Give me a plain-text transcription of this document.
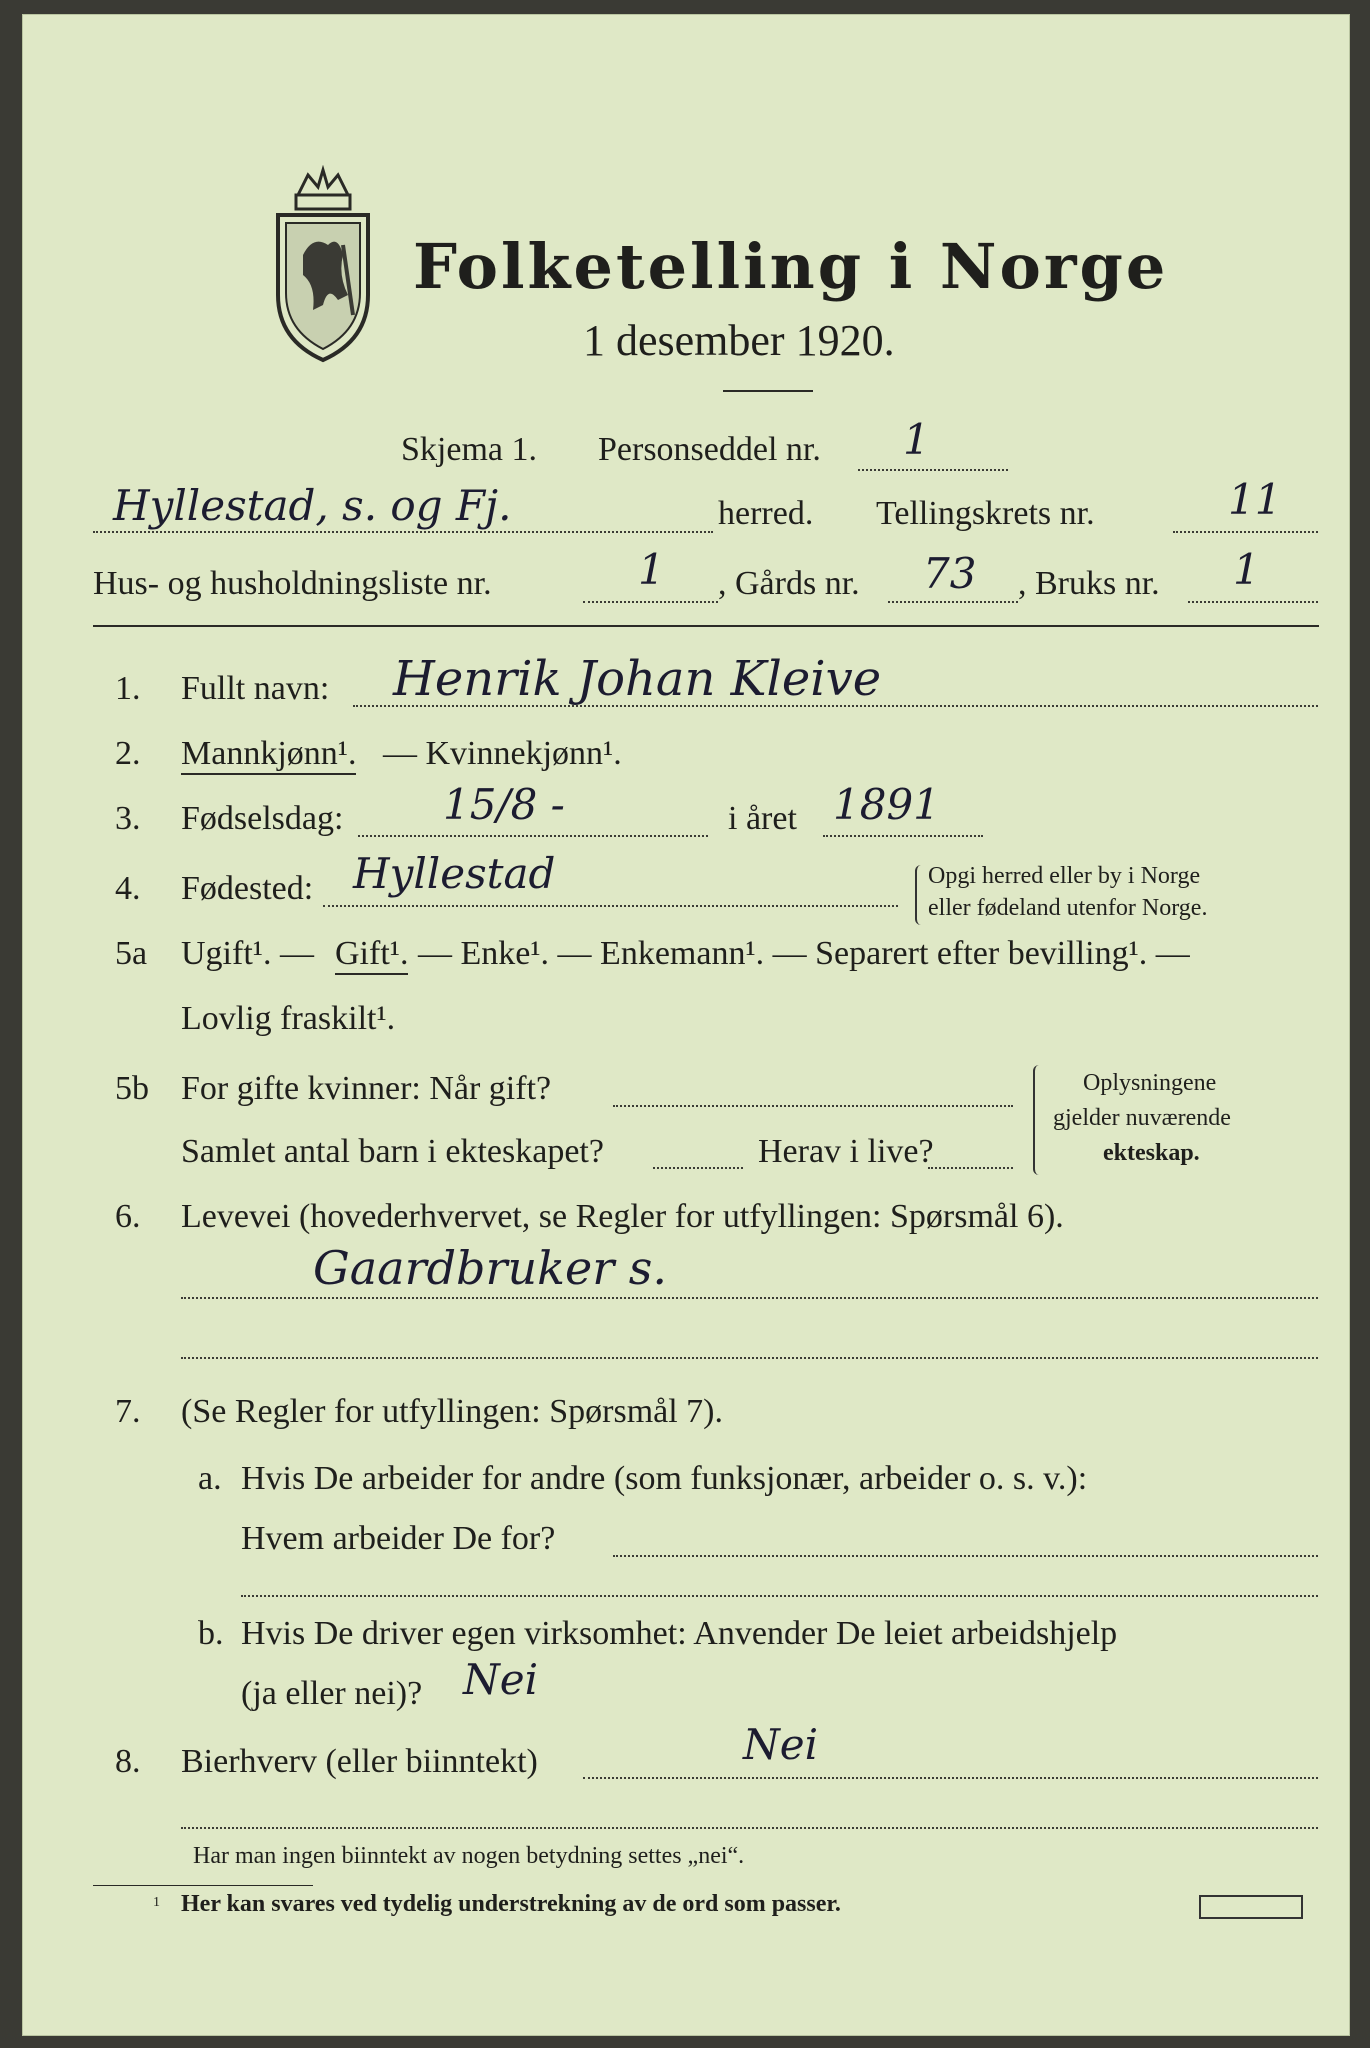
Folketelling i Norge
1 desember 1920.
Skjema 1. Personseddel nr. 1
Hyllestad, s. og Fj.	herred. Tellingskrets nr.	11
Hus- og husholdningsliste nr.	1 , Gårds nr. 73 , Bruks nr. 1
1. Fullt navn: Henrik Johan Kleive
2. Mannkjønn¹. — Kvinnekjønn¹.
3. Fødselsdag: 15/8 -	i året 1891
4. Fødested: Hyllestad	Opgi herred eller by i Norge
eller fødeland utenfor Norge.
5a Ugift¹. — Gift¹. — Enke¹. — Enkemann¹. — Separert efter bevilling¹. —
Lovlig fraskilt¹.
5b For gifte kvinner: Når gift?
Samlet antal barn i ekteskapet?	Herav i live?
Oplysningene
gjelder nuværende
ekteskap.
6. Levevei (hovederhvervet, se Regler for utfyllingen: Spørsmål 6).
Gaardbruker s.
7. (Se Regler for utfyllingen: Spørsmål 7).
a. Hvis De arbeider for andre (som funksjonær, arbeider o. s. v.):
Hvem arbeider De for?
b. Hvis De driver egen virksomhet: Anvender De leiet arbeidshjelp
(ja eller nei)? Nei
8. Bierhverv (eller biinntekt)	Nei
Har man ingen biinntekt av nogen betydning settes „nei“.
1 Her kan svares ved tydelig understrekning av de ord som passer.
